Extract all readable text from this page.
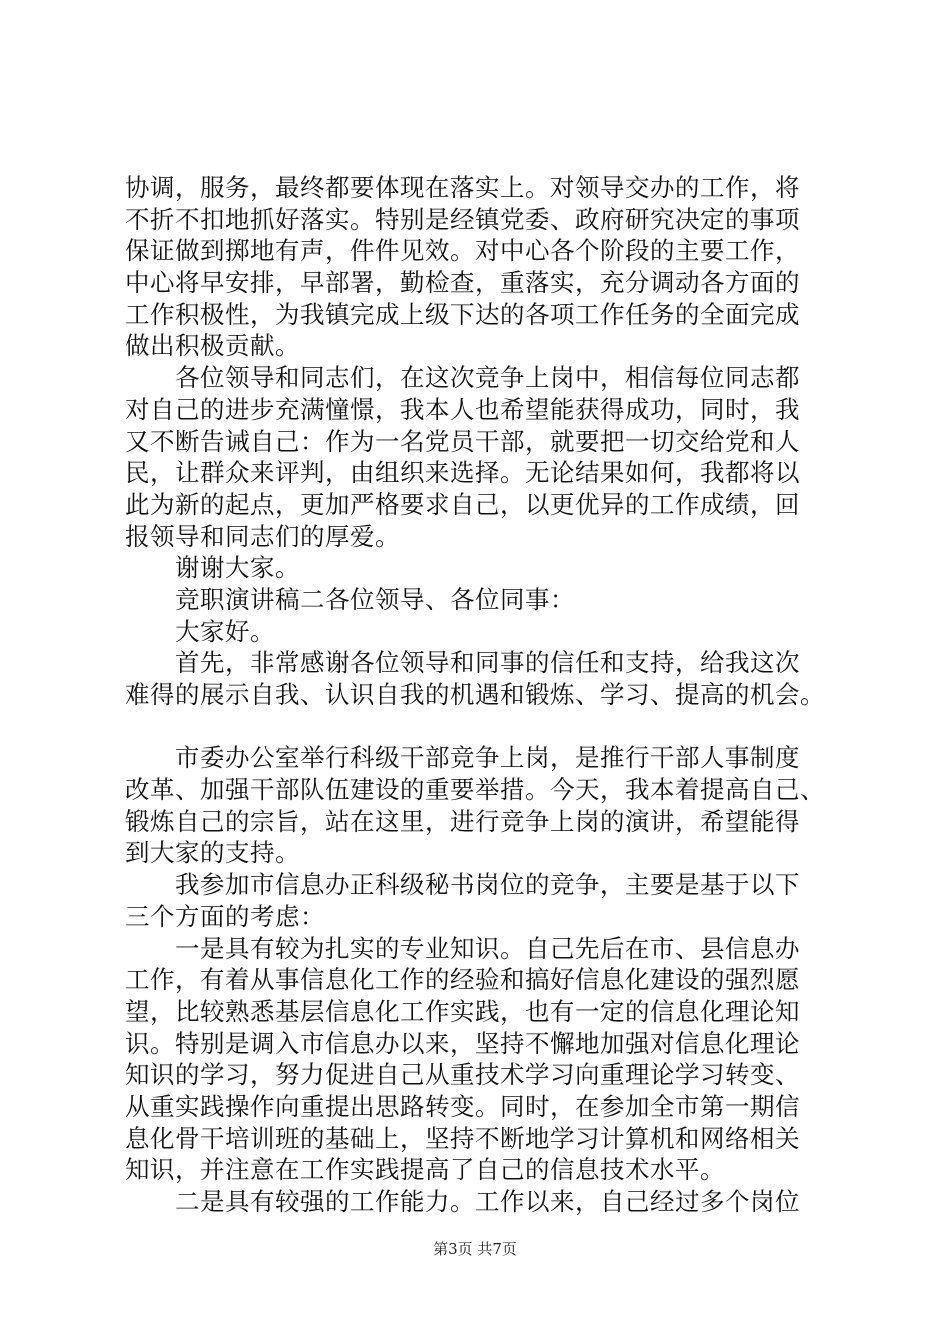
协调，服务，最终都要体现在落实上。对领导交办的工作，将
不折不扣地抓好落实。特别是经镇党委、政府研究决定的事项
保证做到掷地有声，件件见效。对中心各个阶段的主要工作，
中心将早安排，早部署，勤检查，重落实，充分调动各方面的
工作积极性，为我镇完成上级下达的各项工作任务的全面完成
做出积极贡献。
　　各位领导和同志们，在这次竞争上岗中，相信每位同志都
对自己的进步充满憧憬，我本人也希望能获得成功，同时，我
又不断告诫自己：作为一名党员干部，就要把一切交给党和人
民，让群众来评判，由组织来选择。无论结果如何，我都将以
此为新的起点，更加严格要求自己，以更优异的工作成绩，回
报领导和同志们的厚爱。
　　谢谢大家。
　　竞职演讲稿二各位领导、各位同事：
　　大家好。
　　首先，非常感谢各位领导和同事的信任和支持，给我这次
难得的展示自我、认识自我的机遇和锻炼、学习、提高的机会。
　　市委办公室举行科级干部竞争上岗，是推行干部人事制度
改革、加强干部队伍建设的重要举措。今天，我本着提高自己、
锻炼自己的宗旨，站在这里，进行竞争上岗的演讲，希望能得
到大家的支持。
　　我参加市信息办正科级秘书岗位的竞争，主要是基于以下
三个方面的考虑：
　　一是具有较为扎实的专业知识。自己先后在市、县信息办
工作，有着从事信息化工作的经验和搞好信息化建设的强烈愿
望，比较熟悉基层信息化工作实践，也有一定的信息化理论知
识。特别是调入市信息办以来，坚持不懈地加强对信息化理论
知识的学习，努力促进自己从重技术学习向重理论学习转变、
从重实践操作向重提出思路转变。同时，在参加全市第一期信
息化骨干培训班的基础上，坚持不断地学习计算机和网络相关
知识，并注意在工作实践提高了自己的信息技术水平。
　　二是具有较强的工作能力。工作以来，自己经过多个岗位
第3页 共7页
